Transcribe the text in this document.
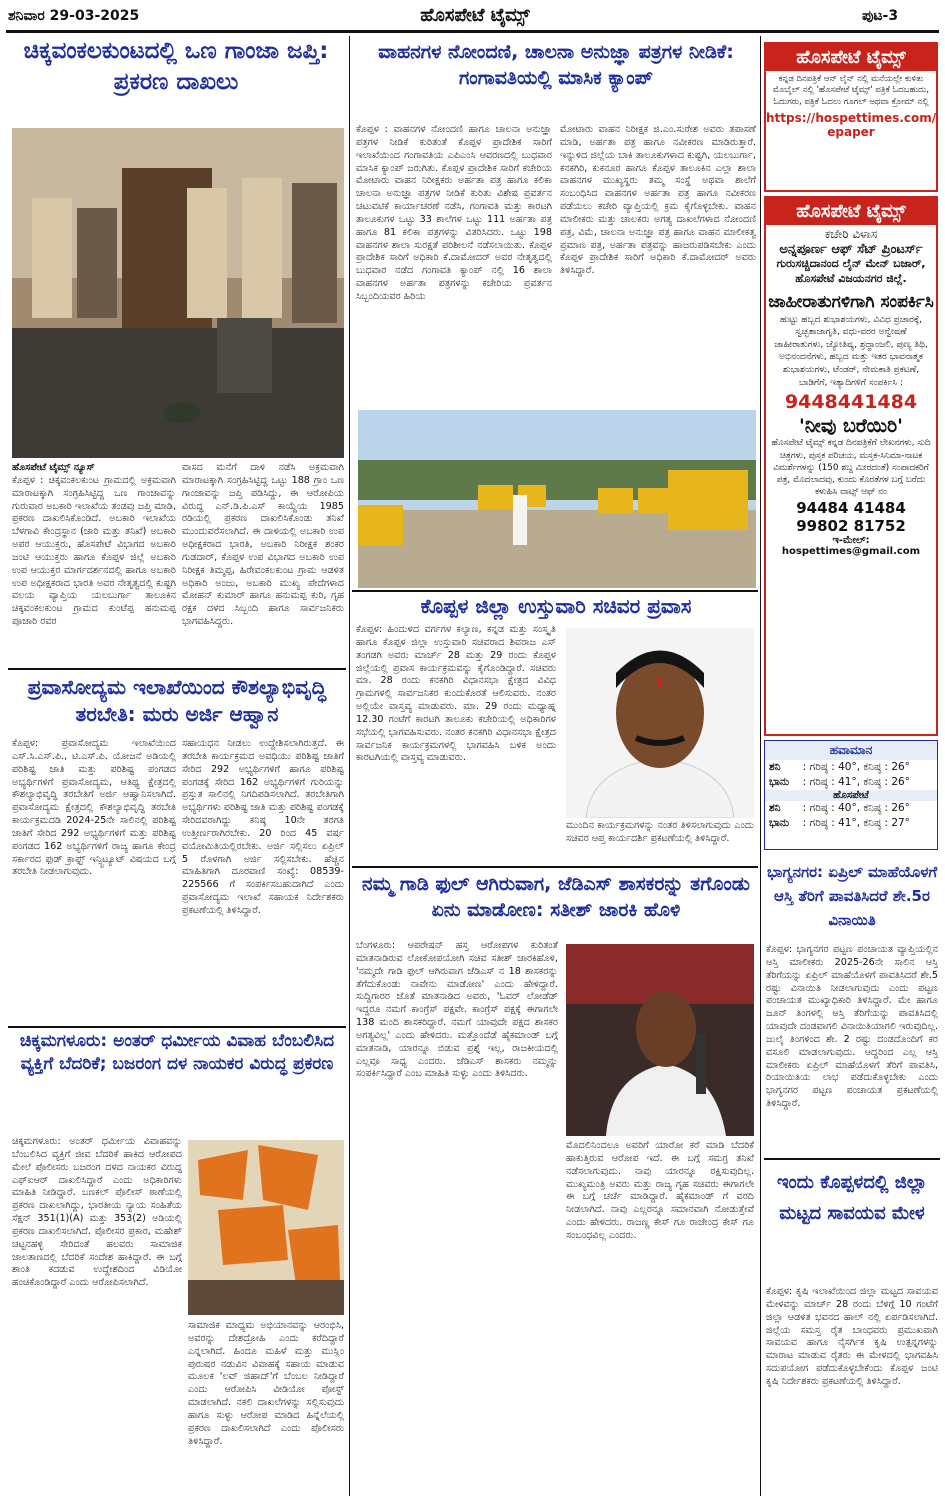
ಶನಿವಾರ 29-03-2025	ಹೊಸಪೇಟೆ ಟೈಮ್ಸ್	ಪುಟ-3
ಚಿಕ್ಕವಂಕಲಕುಂಟದಲ್ಲಿ ಒಣ ಗಾಂಜಾ ಜಪ್ತಿ: ಪ್ರಕರಣ ದಾಖಲು
ಹೊಸಪೇಟೆ ಟೈಮ್ಸ್ ನ್ಯೂಸ್
ಕೊಪ್ಪಳ : ಚಿಕ್ಕವಂಕಲಕುಂಟ ಗ್ರಾಮದಲ್ಲಿ ಅಕ್ರಮವಾಗಿ ಮಾರಾಟಕ್ಕಾಗಿ ಸಂಗ್ರಹಿಸಿಟ್ಟಿದ್ದ ಒಣ ಗಾಂಜಾವನ್ನು ಗುರುವಾರ ಅಬಕಾರಿ ಇಲಾಖೆಯ ತಂಡವು ಜಪ್ತಿ ಮಾಡಿ, ಪ್ರಕರಣ ದಾಖಲಿಸಿಕೊಂಡಿದೆ. ಅಬಕಾರಿ ಇಲಾಖೆಯ ಬೆಳಗಾವಿ ಕೇಂದ್ರಸ್ಥಾನ (ಜಾರಿ ಮತ್ತು ತನಿಖೆ) ಅಬಕಾರಿ ಅಪರ ಆಯುಕ್ತರು, ಹೊಸಪೇಟೆ ವಿಭಾಗದ ಅಬಕಾರಿ ಜಂಟಿ ಆಯುಕ್ತರು ಹಾಗೂ ಕೊಪ್ಪಳ ಜಿಲ್ಲೆ ಅಬಕಾರಿ ಉಪ ಆಯುಕ್ತರ ಮಾರ್ಗದರ್ಶನದಲ್ಲಿ ಹಾಗೂ ಅಬಕಾರಿ ಉಪ ಅಧೀಕ್ಷಕರಾದ ಭಾರತಿ ಅವರ ನೇತೃತ್ವದಲ್ಲಿ ಕುಷ್ಟಗಿ ವಲಯ ವ್ಯಾಪ್ತಿಯ ಯಲಬುರ್ಗಾ ತಾಲೂಕಿನ ಚಿಕ್ಕವಂಕಲಕುಂಟ ಗ್ರಾಮದ ಕುಂಟೆಪ್ಪ ಹನುಮಪ್ಪ ಪೂಜಾರಿ ರವರ
ವಾಸದ ಮನೆಗೆ ದಾಳಿ ನಡೆಸಿ ಅಕ್ರಮವಾಗಿ ಮಾರಾಟಕ್ಕಾಗಿ ಸಂಗ್ರಹಿಸಿಟ್ಟಿದ್ದ ಒಟ್ಟು 188 ಗ್ರಾಂ ಒಣ ಗಾಂಜಾವನ್ನು ಜಪ್ತಿ ಪಡಿಸಿದ್ದು, ಈ ಆರೋಪಿಯ ವಿರುದ್ಧ ಎನ್.ಡಿ.ಪಿ.ಎಸ್ ಕಾಯ್ದೆಯ 1985 ರಡಿಯಲ್ಲಿ ಪ್ರಕರಣ ದಾಖಲಿಸಿಕೊಂಡು ತನಿಖೆ ಮುಂದುವರೆಸಲಾಗಿದೆ. ಈ ದಾಳಿಯಲ್ಲಿ ಅಬಕಾರಿ ಉಪ ಅಧೀಕ್ಷಕರಾದ ಭಾರತಿ, ಅಬಕಾರಿ ನಿರೀಕ್ಷಕ ಶಂಕರ ಗುಡದಾರ್, ಕೊಪ್ಪಳ ಉಪ ವಿಭಾಗದ ಅಬಕಾರಿ ಉಪ ನಿರೀಕ್ಷಕ ತಿಮ್ಮಪ್ಪ, ಹಿರೇವಂಕಲಕುಂಟ ಗ್ರಾಮ ಆಡಳಿತ ಅಧಿಕಾರಿ ಅಂಜು, ಅಬಕಾರಿ ಮುಖ್ಯ ಪೇದೆಗಳಾದ ಮೋಹನ್ ಕುಮಾರ್ ಹಾಗೂ ಹನುಮಪ್ಪ ಕುರಿ, ಗೃಹ ರಕ್ಷಕ ದಳದ ಸಿಬ್ಬಂದಿ ಹಾಗೂ ಸಾರ್ವಜನಿಕರು ಭಾಗವಹಿಸಿದ್ದರು.
ಪ್ರವಾಸೋದ್ಯಮ ಇಲಾಖೆಯಿಂದ ಕೌಶಲ್ಯಾಭಿವೃದ್ಧಿ ತರಬೇತಿ: ಮರು ಅರ್ಜಿ ಆಹ್ವಾನ
ಕೊಪ್ಪಳ: ಪ್ರವಾಸೋದ್ಯಮ ಇಲಾಖೆಯಿಂದ ಎಸ್.ಸಿ.ಎಸ್.ಪಿ., ಟಿ.ಎಸ್.ಪಿ. ಯೋಜನೆ ಅಡಿಯಲ್ಲಿ ಪರಿಶಿಷ್ಟ ಜಾತಿ ಮತ್ತು ಪರಿಶಿಷ್ಟ ಪಂಗಡದ ಅಭ್ಯರ್ಥಿಗಳಿಗೆ ಪ್ರವಾಸೋದ್ಯಮ, ಆತಿಥ್ಯ ಕ್ಷೇತ್ರದಲ್ಲಿ ಕೌಶಲ್ಯಾಭಿವೃದ್ಧಿ ತರಬೇತಿಗೆ ಅರ್ಜಿ ಆಹ್ವಾನಿಸಲಾಗಿದೆ. ಪ್ರವಾಸೋದ್ಯಮ ಕ್ಷೇತ್ರದಲ್ಲಿ ಕೌಶಲ್ಯಾಭಿವೃದ್ಧಿ ತರಬೇತಿ ಕಾರ್ಯಕ್ರಮದಡಿ 2024-25ನೇ ಸಾಲಿನಲ್ಲಿ ಪರಿಶಿಷ್ಟ ಜಾತಿಗೆ ಸೇರಿದ 292 ಅಭ್ಯರ್ಥಿಗಳಿಗೆ ಮತ್ತು ಪರಿಶಿಷ್ಟ ಪಂಗಡದ 162 ಅಭ್ಯರ್ಥಿಗಳಿಗೆ ರಾಜ್ಯ ಹಾಗೂ ಕೇಂದ್ರ ಸರ್ಕಾರದ ಫುಡ್ ಕ್ರಾಫ್ಟ್ ಇನ್ಸ್ಟಿಟ್ಯೂಟ್ ವಿಷಯದ ಬಗ್ಗೆ ತರಬೇತಿ ನೀಡಲಾಗುವುದು.
ಸಹಾಯಧನ ನೀಡಲು ಉದ್ದೇಶಿಸಲಾಗಿರುತ್ತದೆ. ಈ ತರಬೇತಿ ಕಾರ್ಯಕ್ರಮದ ಅವಧಿಯು ಪರಿಶಿಷ್ಟ ಜಾತಿಗೆ ಸೇರಿದ 292 ಅಭ್ಯರ್ಥಿಗಳಿಗೆ ಹಾಗೂ ಪರಿಶಿಷ್ಟ ಪಂಗಡಕ್ಕೆ ಸೇರಿದ 162 ಅಭ್ಯರ್ಥಿಗಳಿಗೆ ಗುರಿಯನ್ನು ಪ್ರಸ್ತುತ ಸಾಲಿನಲ್ಲಿ ನಿಗದಿಪಡಿಸಲಾಗಿದೆ. ತರಬೇತಿಗಾಗಿ ಅಭ್ಯರ್ಥಿಗಳು ಪರಿಶಿಷ್ಟ ಜಾತಿ ಮತ್ತು ಪರಿಶಿಷ್ಟ ಪಂಗಡಕ್ಕೆ ಸೇರಿದವರಾಗಿದ್ದು ಕನಿಷ್ಠ 10ನೇ ತರಗತಿ ಉತ್ತೀರ್ಣರಾಗಿರಬೇಕು. 20 ರಿಂದ 45 ವರ್ಷ ವಯೋಮಿತಿಯಲ್ಲಿರಬೇಕು. ಅರ್ಜಿ ಸಲ್ಲಿಸಲು ಏಪ್ರಿಲ್ 5 ರೊಳಗಾಗಿ ಅರ್ಜಿ ಸಲ್ಲಿಸಬೇಕು. ಹೆಚ್ಚಿನ ಮಾಹಿತಿಗಾಗಿ ದೂರವಾಣಿ ಸಂಖ್ಯೆ: 08539-225566 ಗೆ ಸಂಪರ್ಕಿಸಬಹುದಾಗಿದೆ ಎಂದು ಪ್ರವಾಸೋದ್ಯಮ ಇಲಾಖೆ ಸಹಾಯಕ ನಿರ್ದೇಶಕರು ಪ್ರಕಟಣೆಯಲ್ಲಿ ತಿಳಿಸಿದ್ದಾರೆ.
ಚಿಕ್ಕಮಗಳೂರು: ಅಂತರ್ ಧರ್ಮೀಯ ವಿವಾಹ ಬೆಂಬಲಿಸಿದ ವ್ಯಕ್ತಿಗೆ ಬೆದರಿಕೆ; ಬಜರಂಗ ದಳ ನಾಯಕರ ವಿರುದ್ಧ ಪ್ರಕರಣ
ಚಿಕ್ಕಮಗಳೂರು: ಅಂತರ್ ಧರ್ಮೀಯ ವಿವಾಹವನ್ನು ಬೆಂಬಲಿಸಿದ ವ್ಯಕ್ತಿಗೆ ಜೀವ ಬೆದರಿಕೆ ಹಾಕಿದ ಆರೋಪದ ಮೇಲೆ ಪೊಲೀಸರು ಬಜರಂಗ ದಳದ ನಾಯಕರ ವಿರುದ್ಧ ಎಫ್ಐಆರ್ ದಾಖಲಿಸಿದ್ದಾರೆ ಎಂದು ಅಧಿಕಾರಿಗಳು ಮಾಹಿತಿ ನೀಡಿದ್ದಾರೆ. ಬಣಕಲ್ ಪೊಲೀಸ್ ಠಾಣೆಯಲ್ಲಿ ಪ್ರಕರಣ ದಾಖಲಾಗಿದ್ದು, ಭಾರತೀಯ ನ್ಯಾಯ ಸಂಹಿತೆಯ ಸೆಕ್ಷನ್ 351(1)(A) ಮತ್ತು 353(2) ಅಡಿಯಲ್ಲಿ ಪ್ರಕರಣ ದಾಖಲಿಸಲಾಗಿದೆ. ಪೊಲೀಸರ ಪ್ರಕಾರ, ಮಹೇಶ್ ಚಟ್ಟನಹಳ್ಳಿ ಸೇರಿದಂತೆ ಹಲವರು ಸಾಮಾಜಿಕ ಜಾಲತಾಣದಲ್ಲಿ ಬೆದರಿಕೆ ಸಂದೇಶ ಹಾಕಿದ್ದಾರೆ. ಈ ಬಗ್ಗೆ ಶಾಂತಿ ಕದಡುವ ಉದ್ದೇಶದಿಂದ ವಿಡಿಯೋ ಹಂಚಿಕೊಂಡಿದ್ದಾರೆ ಎಂದು ಆರೋಪಿಸಲಾಗಿದೆ.
ಸಾಮಾಜಿಕ ಮಾಧ್ಯಮ ಅಭಿಯಾನವನ್ನು ಆರಂಭಿಸಿ, ಅವರನ್ನು ದೇಶದ್ರೋಹಿ ಎಂದು ಕರೆದಿದ್ದಾರೆ ಎನ್ನಲಾಗಿದೆ. ಹಿಂದೂ ಮಹಿಳೆ ಮತ್ತು ಮುಸ್ಲಿಂ ಪುರುಷರ ನಡುವಿನ ವಿವಾಹಕ್ಕೆ ಸಹಾಯ ಮಾಡುವ ಮೂಲಕ 'ಲವ್ ಜಿಹಾದ್'ಗೆ ಬೆಂಬಲ ನೀಡಿದ್ದಾರೆ ಎಂದು ಆರೋಪಿಸಿ ವೀಡಿಯೋ ಪೋಸ್ಟ್ ಮಾಡಲಾಗಿದೆ. ನಕಲಿ ದಾಖಲೆಗಳನ್ನು ಸಲ್ಲಿಸುವುದು ಹಾಗೂ ಸುಳ್ಳು ಆರೋಪ ಮಾಡಿದ ಹಿನ್ನೆಲೆಯಲ್ಲಿ ಪ್ರಕರಣ ದಾಖಲಿಸಲಾಗಿದೆ ಎಂದು ಪೊಲೀಸರು ತಿಳಿಸಿದ್ದಾರೆ.
ವಾಹನಗಳ ನೋಂದಣಿ, ಚಾಲನಾ ಅನುಜ್ಞಾ ಪತ್ರಗಳ ನೀಡಿಕೆ: ಗಂಗಾವತಿಯಲ್ಲಿ ಮಾಸಿಕ ಕ್ಯಾಂಪ್
ಕೊಪ್ಪಳ : ವಾಹನಗಳ ನೋಂದಣಿ ಹಾಗೂ ಚಾಲನಾ ಅನುಜ್ಞಾ ಪತ್ರಗಳ ನೀಡಿಕೆ ಕುರಿತಂತೆ ಕೊಪ್ಪಳ ಪ್ರಾದೇಶಿಕ ಸಾರಿಗೆ ಇಲಾಖೆಯಿಂದ ಗಂಗಾವತಿಯ ಎಪಿಎಂಸಿ ಆವರಣದಲ್ಲಿ ಬುಧವಾರ ಮಾಸಿಕ ಕ್ಯಾಂಪ್ ಜರುಗಿತು. ಕೊಪ್ಪಳ ಪ್ರಾದೇಶಿಕ ಸಾರಿಗೆ ಕಚೇರಿಯ ಮೋಟಾರು ವಾಹನ ನಿರೀಕ್ಷಕರು ಅರ್ಹತಾ ಪತ್ರ ಹಾಗೂ ಕಲಿಕಾ ಚಾಲನಾ ಅನುಜ್ಞಾ ಪತ್ರಗಳ ನೀಡಿಕೆ ಕುರಿತು ವಿಶೇಷ ಪ್ರವರ್ತನ ಚಟುವಟಿಕೆ ಕಾರ್ಯಾಚರಣೆ ನಡೆಸಿ, ಗಂಗಾವತಿ ಮತ್ತು ಕಾರಟಗಿ ತಾಲೂಕುಗಳ ಒಟ್ಟು 33 ಶಾಲೆಗಳ ಒಟ್ಟು 111 ಅರ್ಹತಾ ಪತ್ರ ಹಾಗೂ 81 ಕಲಿಕಾ ಪತ್ರಗಳನ್ನು ವಿತರಿಸಿದರು. ಒಟ್ಟು 198 ವಾಹನಗಳ ಶಾಲಾ ಸುರಕ್ಷತೆ ಪರಿಶೀಲನೆ ನಡೆಸಲಾಯಿತು. ಕೊಪ್ಪಳ ಪ್ರಾದೇಶಿಕ ಸಾರಿಗೆ ಅಧಿಕಾರಿ ಕೆ.ದಾಮೋದರ್ ಅವರ ನೇತೃತ್ವದಲ್ಲಿ ಬುಧವಾರ ನಡೆದ ಗಂಗಾವತಿ ಕ್ಯಾಂಪ್ ನಲ್ಲಿ 16 ಶಾಲಾ ವಾಹನಗಳ ಅರ್ಹತಾ ಪತ್ರಗಳನ್ನು ಕಚೇರಿಯ ಪ್ರವರ್ತನ ಸಿಬ್ಬಂದಿಯವರ ಹಿರಿಯ
ಮೋಟಾರು ವಾಹನ ನಿರೀಕ್ಷಕ ಜಿ.ಎಂ.ಸುರೇಶ ಅವರು ತಪಾಸಣೆ ಮಾಡಿ, ಅರ್ಹತಾ ಪತ್ರ ಹಾಗೂ ನವೀಕರಣ ಮಾಡಿರುತ್ತಾರೆ. ಇನ್ನುಳಿದ ಜಿಲ್ಲೆಯ ಬಾಕಿ ತಾಲೂಕುಗಳಾದ ಕುಷ್ಟಗಿ, ಯಲಬುರ್ಗಾ, ಕನಕಗಿರಿ, ಕುಕನೂರ ಹಾಗೂ ಕೊಪ್ಪಳ ತಾಲೂಕಿನ ಎಲ್ಲಾ ಶಾಲಾ ವಾಹನಗಳ ಮುಖ್ಯಸ್ಥರು ತಮ್ಮ ಸಂಸ್ಥೆ ಅಥವಾ ಶಾಲೆಗೆ ಸಂಬಂಧಿಸಿದ ವಾಹನಗಳ ಅರ್ಹತಾ ಪತ್ರ ಹಾಗೂ ನವೀಕರಣ ಪಡೆಯಲು ಕಚೇರಿ ವ್ಯಾಪ್ತಿಯಲ್ಲಿ ಕ್ರಮ ಕೈಗೊಳ್ಳಬೇಕು. ವಾಹನ ಮಾಲೀಕರು ಮತ್ತು ಚಾಲಕರು ಅಗತ್ಯ ದಾಖಲೆಗಳಾದ ನೋಂದಣಿ ಪತ್ರ, ವಿಮೆ, ಚಾಲನಾ ಅನುಜ್ಞಾ ಪತ್ರ ಹಾಗೂ ವಾಹನ ಮಾಲೀಕತ್ವ ಪ್ರಮಾಣ ಪತ್ರ, ಅರ್ಹತಾ ಪತ್ರವನ್ನು ಹಾಜರುಪಡಿಸಬೇಕು ಎಂದು ಕೊಪ್ಪಳ ಪ್ರಾದೇಶಿಕ ಸಾರಿಗೆ ಅಧಿಕಾರಿ ಕೆ.ದಾಮೋದರ್ ಅವರು ತಿಳಿಸಿದ್ದಾರೆ.
ಕೊಪ್ಪಳ ಜಿಲ್ಲಾ ಉಸ್ತುವಾರಿ ಸಚಿವರ ಪ್ರವಾಸ
ಕೊಪ್ಪಳ: ಹಿಂದುಳಿದ ವರ್ಗಗಳ ಕಲ್ಯಾಣ, ಕನ್ನಡ ಮತ್ತು ಸಂಸ್ಕೃತಿ ಹಾಗೂ ಕೊಪ್ಪಳ ಜಿಲ್ಲಾ ಉಸ್ತುವಾರಿ ಸಚಿವರಾದ ಶಿವರಾಜ ಎಸ್ ತಂಗಡಗಿ ಅವರು ಮಾರ್ಚ್ 28 ಮತ್ತು 29 ರಂದು ಕೊಪ್ಪಳ ಜಿಲ್ಲೆಯಲ್ಲಿ ಪ್ರವಾಸ ಕಾರ್ಯಕ್ರಮವನ್ನು ಕೈಗೊಂಡಿದ್ದಾರೆ. ಸಚಿವರು ಮಾ. 28 ರಂದು ಕನಕಗಿರಿ ವಿಧಾನಸಭಾ ಕ್ಷೇತ್ರದ ವಿವಿಧ ಗ್ರಾಮಗಳಲ್ಲಿ ಸಾರ್ವಜನಿಕರ ಕುಂದುಕೊರತೆ ಆಲಿಸುವರು. ನಂತರ ಅಲ್ಲಿಯೇ ವಾಸ್ತವ್ಯ ಮಾಡುವರು. ಮಾ. 29 ರಂದು ಮಧ್ಯಾಹ್ನ 12.30 ಗಂಟೆಗೆ ಕಾರಟಗಿ ತಾಲೂಕು ಕಚೇರಿಯಲ್ಲಿ ಅಧಿಕಾರಿಗಳ ಸಭೆಯಲ್ಲಿ ಭಾಗವಹಿಸುವರು. ನಂತರ ಕನಕಗಿರಿ ವಿಧಾನಸಭಾ ಕ್ಷೇತ್ರದ ಸಾರ್ವಜನಿಕ ಕಾರ್ಯಕ್ರಮಗಳಲ್ಲಿ ಭಾಗವಹಿಸಿ ಬಳಿಕ ಅಂದು ಕಾರಟಗಿಯಲ್ಲಿ ವಾಸ್ತವ್ಯ ಮಾಡುವರು.
ಮುಂದಿನ ಕಾರ್ಯಕ್ರಮಗಳನ್ನು ನಂತರ ತಿಳಿಸಲಾಗುವುದು ಎಂದು ಸಚಿವರ ಆಪ್ತ ಕಾರ್ಯದರ್ಶಿ ಪ್ರಕಟಣೆಯಲ್ಲಿ ತಿಳಿಸಿದ್ದಾರೆ.
ನಮ್ಮ ಗಾಡಿ ಫುಲ್ ಆಗಿರುವಾಗ, ಜೆಡಿಎಸ್ ಶಾಸಕರನ್ನು ತಗೊಂಡು ಏನು ಮಾಡೋಣ: ಸತೀಶ್ ಜಾರಕಿ ಹೊಳಿ
ಬೆಂಗಳೂರು: ಆಪರೇಷನ್ ಹಸ್ತ ಆರೋಪಗಳ ಕುರಿತಂತೆ ಮಾತನಾಡಿರುವ ಲೋಕೋಪಯೋಗಿ ಸಚಿವ ಸತೀಶ್ ಜಾರಕಿಹೊಳಿ, 'ನಮ್ಮದೇ ಗಾಡಿ ಫುಲ್ ಆಗಿರುವಾಗ ಜೆಡಿಎಸ್ ನ 18 ಶಾಸಕರನ್ನು ತೆಗೆದುಕೊಂಡು ನಾವೇನು ಮಾಡೋಣ' ಎಂದು ಹೇಳಿದ್ದಾರೆ. ಸುದ್ದಿಗಾರರ ಜೊತೆ ಮಾತನಾಡಿದ ಅವರು, 'ಓವರ್ ಲೋಡೆಡ್ ಇದ್ದರೂ ನಮಗೆ ಕಾಂಗ್ರೆಸ್ ಪಕ್ಷವೇ. ಕಾಂಗ್ರೆಸ್ ಪಕ್ಷಕ್ಕೆ ಈಗಾಗಲೇ 138 ಮಂದಿ ಶಾಸಕರಿದ್ದಾರೆ. ನಮಗೆ ಯಾವುದೇ ಪಕ್ಷದ ಶಾಸಕರ ಅಗತ್ಯವಿಲ್ಲ' ಎಂದು ಹೇಳಿದರು. ಮತ್ತೊಂದೆಡೆ ಹೈಕಮಾಂಡ್ ಬಗ್ಗೆ ಮಾತನಾಡಿ, ಯಾರನ್ನೂ ಬಿಡುವ ಪ್ರಶ್ನೆ ಇಲ್ಲ, ರಾಜಕೀಯದಲ್ಲಿ ಎಲ್ಲವೂ ಸಾಧ್ಯ ಎಂದರು. ಜೆಡಿಎಸ್ ಶಾಸಕರು ನಮ್ಮನ್ನು ಸಂಪರ್ಕಿಸಿದ್ದಾರೆ ಎಂಬ ಮಾಹಿತಿ ಸುಳ್ಳು ಎಂದು ತಿಳಿಸಿದರು.
ಮೊದಲಿನಿಂದಲೂ ಅವರಿಗೆ ಯಾರೋ ಕರೆ ಮಾಡಿ ಬೆದರಿಕೆ ಹಾಕುತ್ತಿರುವ ಆರೋಪ ಇದೆ. ಈ ಬಗ್ಗೆ ಸಮಗ್ರ ತನಿಖೆ ನಡೆಸಲಾಗುವುದು. ನಾವು ಯಾರನ್ನೂ ರಕ್ಷಿಸುವುದಿಲ್ಲ. ಮುಖ್ಯಮಂತ್ರಿ ಅವರು ಮತ್ತು ರಾಜ್ಯ ಗೃಹ ಸಚಿವರು ಈಗಾಗಲೇ ಈ ಬಗ್ಗೆ ಚರ್ಚೆ ಮಾಡಿದ್ದಾರೆ. ಹೈಕಮಾಂಡ್ ಗೆ ವರದಿ ನೀಡಲಾಗಿದೆ. ನಾವು ಎಲ್ಲರನ್ನೂ ಸಮಾನವಾಗಿ ನೋಡುತ್ತೇವೆ ಎಂದು ಹೇಳಿದರು. ರಾಜಣ್ಣ ಕೇಸ್ ಗೂ ರಾಜೇಂದ್ರ ಕೇಸ್ ಗೂ ಸಂಬಂಧವಿಲ್ಲ ಎಂದರು.
ಹೊಸಪೇಟೆ ಟೈಮ್ಸ್
ಕನ್ನಡ ದಿನಪತ್ರಿಕೆ ಆನ್ ಲೈನ್ ನಲ್ಲಿ ಮನೆಯಲ್ಲೇ ಕುಳಿತು ಮೊಬೈಲ್ ನಲ್ಲಿ 'ಹೊಸಪೇಟೆ ಟೈಮ್ಸ್' ಪತ್ರಿಕೆ ಓದಬಹುದು, ಓದುಗರು, ಪತ್ರಿಕೆ ಓದಲು ಗೂಗಲ್ ಅಥವಾ ಕ್ರೋಮ್ ನಲ್ಲಿ
https://hospettimes.com/ epaper
ಹೊಸಪೇಟೆ ಟೈಮ್ಸ್
ಕಚೇರಿ ವಿಳಾಸ
ಅನ್ನಪೂರ್ಣ ಆಫ್ ಸೆಟ್ ಪ್ರಿಂಟರ್ಸ್
ಗುರುಸಚ್ಚಿದಾನಂದ ಲೈನ್ ಮೇನ್ ಬಜಾರ್, ಹೊಸಪೇಟೆ ವಿಜಯನಗರ ಜಿಲ್ಲೆ.
ಜಾಹೀರಾತುಗಳಿಗಾಗಿ ಸಂಪರ್ಕಿಸಿ
ಹುಟ್ಟು ಹಬ್ಬದ ಶುಭಾಶಯಗಳು, ವಿವಿಧ ಪ್ರಚಾರಕ್ಕೆ, ಸ್ವಚ್ಛತಾಜಾಗೃತಿ, ವಧು-ವರರ ಅನ್ವೇಷಣೆ ಜಾಹೀರಾತುಗಳು, ಜ್ಯೋತಿಷ್ಯ, ಶ್ರದ್ಧಾಂಜಲಿ, ಪುಣ್ಯ ತಿಥಿ, ಅಭಿನಂದನೆಗಳು, ಹಬ್ಬದ ಮತ್ತು ಇತರ ಭಾವನಾತ್ಮಕ ಶುಭಾಶಯಗಳು, ಟೆಂಡರ್, ನೇಮಕಾತಿ ಪ್ರಕಟಣೆ, ಬಾಡಿಗೆಗೆ, ಇತ್ಯಾದಿಗಳಿಗೆ ಸಂಪರ್ಕಿಸಿ :
9448441484
'ನೀವು ಬರೆಯಿರಿ'
ಹೊಸಪೇಟೆ ಟೈಮ್ಸ್ ಕನ್ನಡ ದಿನಪತ್ರಿಕೆಗೆ ಲೇಖನಗಳು, ಸುದಿ ಚಿತ್ರಗಳು, ಪುಸ್ತಕ ಪರಿಚಯ, ಮಸ್ತಕ-ಸಿನಿಮಾ-ನಾಟಕ ವಿಮರ್ಶೆಗಳನ್ನು (150 ಶಬ್ದ ಮೀರದಂತೆ) ಸಂಪಾದಕರಿಗೆ ಪತ್ರ, ಮೊದಲಾದವು, ಕುಂದು ಕೊರತೆಗಳ ಬಗ್ಗೆ ಬರೆದು ಕಳುಹಿಸಿ ವಾಟ್ಸ್ ಆಫ್ ನಂ
94484 41484
99802 81752
ಇ-ಮೇಲ್: hospettimes@gmail.com
ಹವಾಮಾನ
ಶನಿ	: ಗರಿಷ್ಠ : 40°, ಕನಿಷ್ಠ : 26°
ಭಾನು	: ಗರಿಷ್ಠ : 41°, ಕನಿಷ್ಠ : 26°
ಹೊಸಪೇಟೆ
ಶನಿ	: ಗರಿಷ್ಠ : 40°, ಕನಿಷ್ಠ : 26°
ಭಾನು	: ಗರಿಷ್ಠ : 41°, ಕನಿಷ್ಠ : 27°
ಭಾಗ್ಯನಗರ: ಏಪ್ರಿಲ್ ಮಾಹೆಯೊಳಗೆ ಆಸ್ತಿ ತೆರಿಗೆ ಪಾವತಿಸಿದರೆ ಶೇ.5ರ ವಿನಾಯಿತಿ
ಕೊಪ್ಪಳ: ಭಾಗ್ಯನಗರ ಪಟ್ಟಣ ಪಂಚಾಯತ ವ್ಯಾಪ್ತಿಯಲ್ಲಿನ ಆಸ್ತಿ ಮಾಲೀಕರು 2025-26ನೇ ಸಾಲಿನ ಆಸ್ತಿ ತೆರಿಗೆಯನ್ನು ಏಪ್ರಿಲ್ ಮಾಹೆಯೊಳಗೆ ಪಾವತಿಸಿದರೆ ಶೇ.5 ರಷ್ಟು ವಿನಾಯಿತಿ ನೀಡಲಾಗುವುದು ಎಂದು ಪಟ್ಟಣ ಪಂಚಾಯತ ಮುಖ್ಯಾಧಿಕಾರಿ ತಿಳಿಸಿದ್ದಾರೆ. ಮೇ ಹಾಗೂ ಜೂನ್ ತಿಂಗಳಲ್ಲಿ ಆಸ್ತಿ ತೆರಿಗೆಯನ್ನು ಪಾವತಿಸಿದಲ್ಲಿ ಯಾವುದೇ ದಂಡವಾಗಲಿ ವಿನಾಯಿತಿಯಾಗಲಿ ಇರುವುದಿಲ್ಲ. ಜುಲೈ ತಿಂಗಳಿಂದ ಶೇ. 2 ರಷ್ಟು ದಂಡದೊಂದಿಗೆ ಕರ ವಸೂಲಿ ಮಾಡಲಾಗುವುದು. ಆದ್ದರಿಂದ ಎಲ್ಲ ಆಸ್ತಿ ಮಾಲೀಕರು ಏಪ್ರಿಲ್ ಮಾಹೆಯೊಳಗೆ ತೆರಿಗೆ ಪಾವತಿಸಿ, ರಿಯಾಯಿತಿಯ ಲಾಭ ಪಡೆದುಕೊಳ್ಳಬೇಕು ಎಂದು ಭಾಗ್ಯನಗರ ಪಟ್ಟಣ ಪಂಚಾಯತ ಪ್ರಕಟಣೆಯಲ್ಲಿ ತಿಳಿಸಿದ್ದಾರೆ.
ಇಂದು ಕೊಪ್ಪಳದಲ್ಲಿ ಜಿಲ್ಲಾ ಮಟ್ಟದ ಸಾವಯವ ಮೇಳ
ಕೊಪ್ಪಳ: ಕೃಷಿ ಇಲಾಖೆಯಿಂದ ಜಿಲ್ಲಾ ಮಟ್ಟದ ಸಾವಯವ ಮೇಳವನ್ನು ಮಾರ್ಚ್ 28 ರಂದು ಬೆಳಿಗ್ಗೆ 10 ಗಂಟೆಗೆ ಜಿಲ್ಲಾ ಆಡಳಿತ ಭವನದ ಹಾಲ್ ನಲ್ಲಿ ಏರ್ಪಡಿಸಲಾಗಿದೆ. ಜಿಲ್ಲೆಯ ಸಮಸ್ತ ರೈತ ಬಾಂಧವರು ಪ್ರಮುಖವಾಗಿ ಸಾವಯವ ಹಾಗೂ ನೈಸರ್ಗಿಕ ಕೃಷಿ ಉತ್ಪನ್ನಗಳನ್ನು ಮಾರಾಟ ಮಾಡುವ ರೈತರು ಈ ಮೇಳದಲ್ಲಿ ಭಾಗವಹಿಸಿ ಸದುಪಯೋಗ ಪಡೆದುಕೊಳ್ಳಬೇಕೆಂದು ಕೊಪ್ಪಳ ಜಂಟಿ ಕೃಷಿ ನಿರ್ದೇಶಕರು ಪ್ರಕಟಣೆಯಲ್ಲಿ ತಿಳಿಸಿದ್ದಾರೆ.
